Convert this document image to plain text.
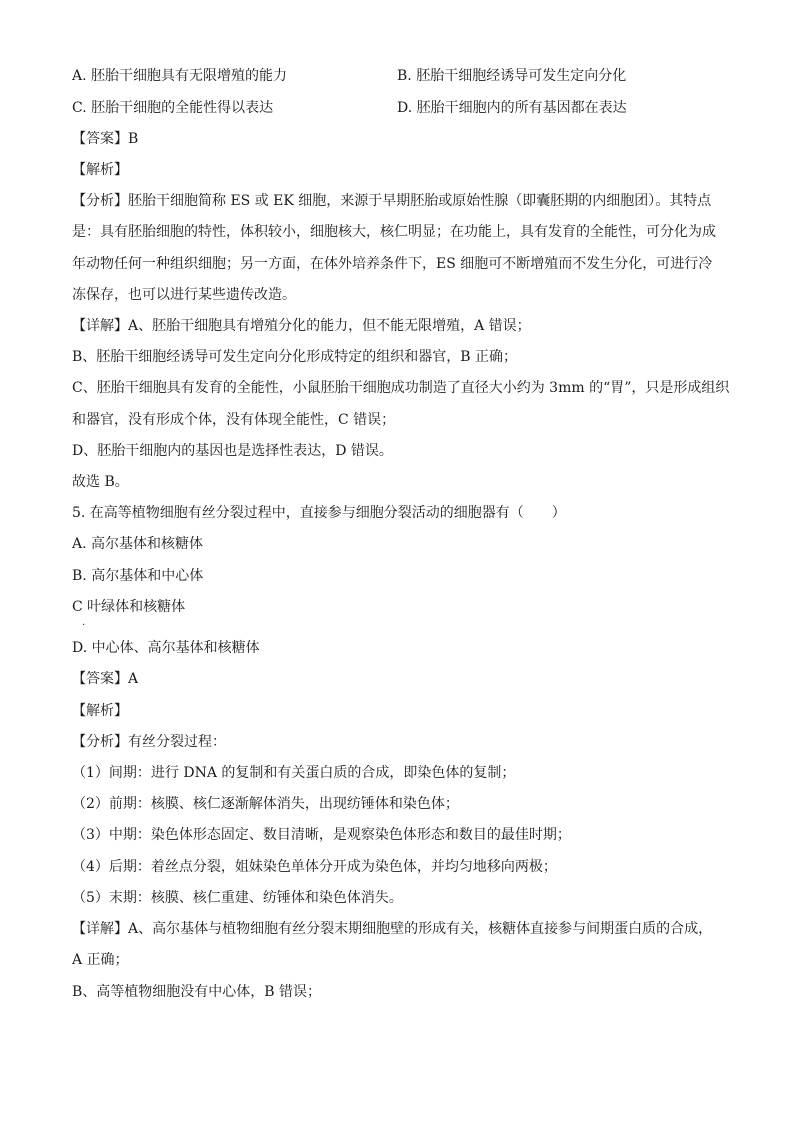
A. 胚胎干细胞具有无限增殖的能力	B. 胚胎干细胞经诱导可发生定向分化
C. 胚胎干细胞的全能性得以表达	D. 胚胎干细胞内的所有基因都在表达
【答案】B
【解析】
【分析】胚胎干细胞简称 ES 或 EK 细胞，来源于早期胚胎或原始性腺（即囊胚期的内细胞团）。其特点
是：具有胚胎细胞的特性，体积较小，细胞核大，核仁明显；在功能上，具有发育的全能性，可分化为成
年动物任何一种组织细胞；另一方面，在体外培养条件下，ES 细胞可不断增殖而不发生分化，可进行冷
冻保存，也可以进行某些遗传改造。
【详解】A、胚胎干细胞具有增殖分化的能力，但不能无限增殖，A 错误；
B、胚胎干细胞经诱导可发生定向分化形成特定的组织和器官，B 正确；
C、胚胎干细胞具有发育的全能性，小鼠胚胎干细胞成功制造了直径大小约为 3mm 的“胃”，只是形成组织
和器官，没有形成个体，没有体现全能性，C 错误；
D、胚胎干细胞内的基因也是选择性表达，D 错误。
故选 B。
5. 在高等植物细胞有丝分裂过程中，直接参与细胞分裂活动的细胞器有（　　）
A. 高尔基体和核糖体
B. 高尔基体和中心体
C 叶绿体和核糖体
.
D. 中心体、高尔基体和核糖体
【答案】A
【解析】
【分析】有丝分裂过程：
（1）间期：进行 DNA 的复制和有关蛋白质的合成，即染色体的复制；
（2）前期：核膜、核仁逐渐解体消失，出现纺锤体和染色体；
（3）中期：染色体形态固定、数目清晰，是观察染色体形态和数目的最佳时期；
（4）后期：着丝点分裂，姐妹染色单体分开成为染色体，并均匀地移向两极；
（5）末期：核膜、核仁重建、纺锤体和染色体消失。
【详解】A、高尔基体与植物细胞有丝分裂末期细胞壁的形成有关，核糖体直接参与间期蛋白质的合成，
A 正确；
B、高等植物细胞没有中心体，B 错误；
